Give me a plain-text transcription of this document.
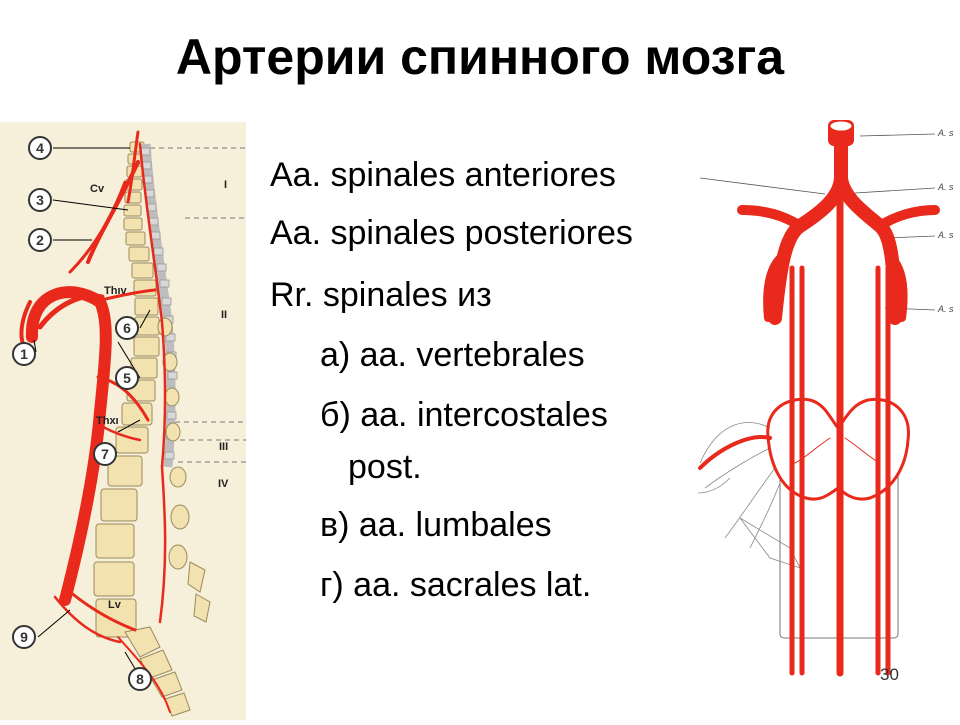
Артерии спинного мозга
4
3
2
1
6
5
7
9
8
Cv
Thıv
Thxı
Lv
I
II
III
IV
A. s
A. s
A. s
A. s
Aa. spinales anteriores
Aa. spinales posteriores
Rr. spinales из
а) aa. vertebrales
б) aa. intercostales
post.
в) aa. lumbales
г) aa. sacrales lat.
30
